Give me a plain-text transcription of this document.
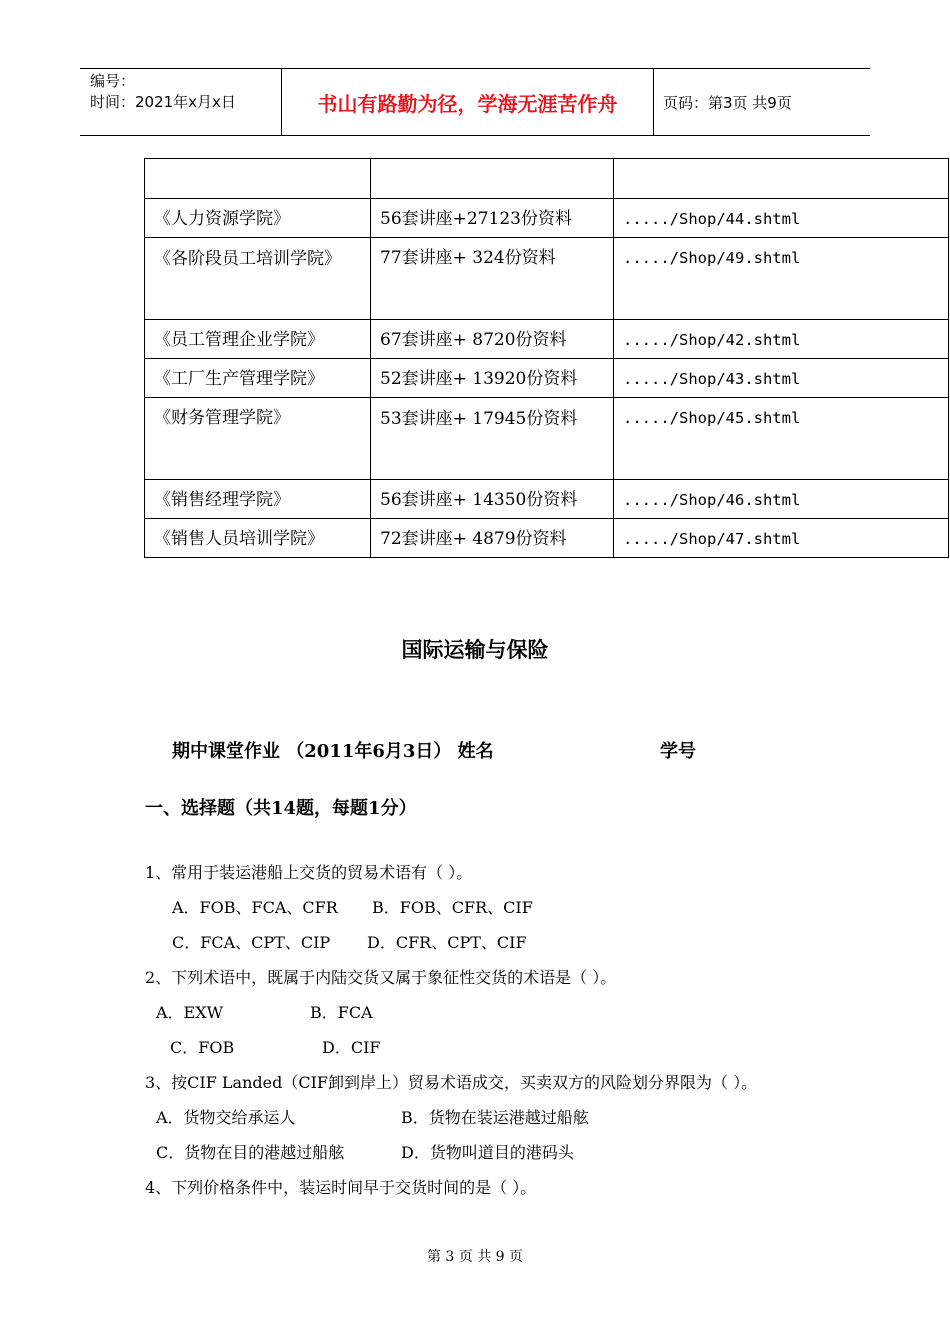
编号：
时间：2021年x月x日	书山有路勤为径，学海无涯苦作舟	页码：第3页 共9页

《人力资源学院》	56套讲座+27123份资料	...../Shop/44.shtml
《各阶段员工培训学院》	77套讲座+ 324份资料	...../Shop/49.shtml
《员工管理企业学院》	67套讲座+ 8720份资料	...../Shop/42.shtml
《工厂生产管理学院》	52套讲座+ 13920份资料	...../Shop/43.shtml
《财务管理学院》	53套讲座+ 17945份资料	...../Shop/45.shtml
《销售经理学院》	56套讲座+ 14350份资料	...../Shop/46.shtml
《销售人员培训学院》	72套讲座+ 4879份资料	...../Shop/47.shtml
国际运输与保险
期中课堂作业 （2011年6月3日） 姓名	学号
一、选择题（共14题，每题1分）
1、常用于装运港船上交货的贸易术语有（ ）。
A．FOB、FCA、CFR B．FOB、CFR、CIF
C．FCA、CPT、CIP D．CFR、CPT、CIF
2、下列术语中，既属于内陆交货又属于象征性交货的术语是（ ）。
A．EXW	B．FCA
C．FOB	D．CIF
3、按CIF Landed（CIF卸到岸上）贸易术语成交，买卖双方的风险划分界限为（ ）。
A．货物交给承运人	B．货物在装运港越过船舷
C．货物在目的港越过船舷	D．货物叫道目的港码头
4、下列价格条件中，装运时间早于交货时间的是（ ）。
第 3 页 共 9 页
